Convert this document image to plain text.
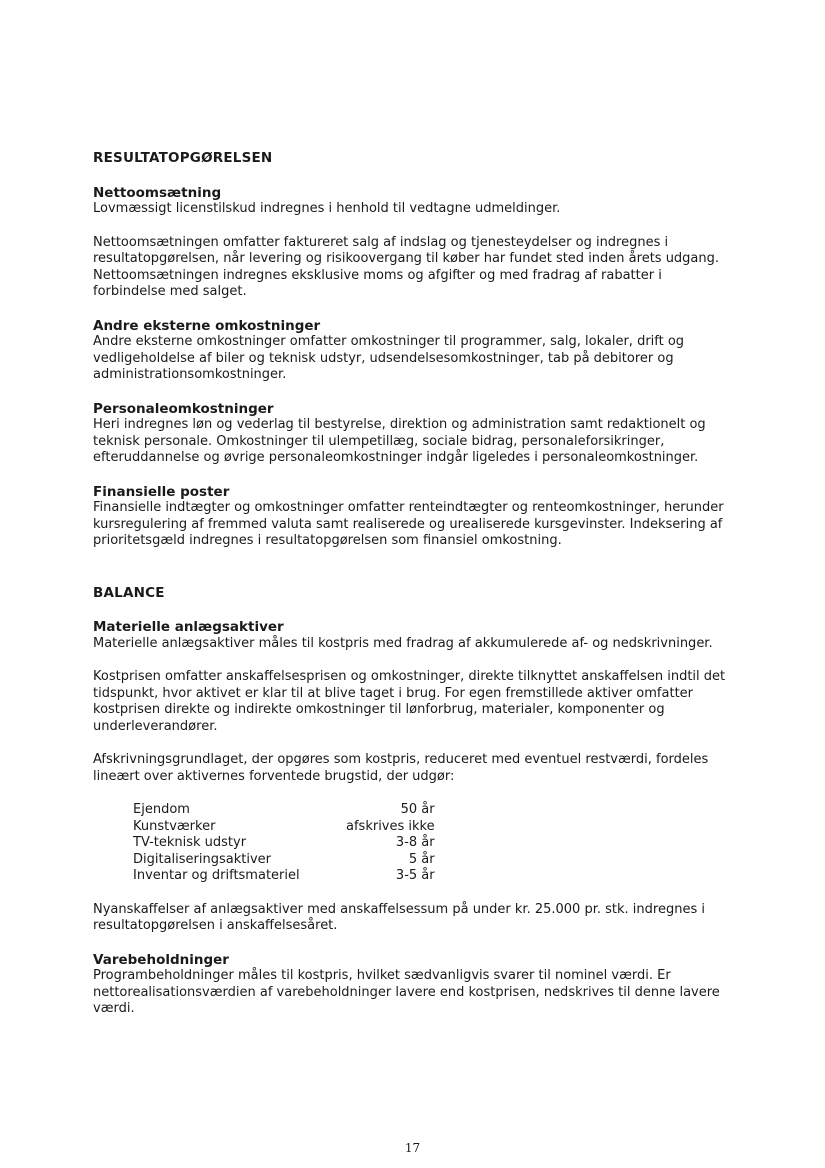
RESULTATOPGØRELSEN
Nettoomsætning

Lovmæssigt licenstilskud indregnes i henhold til vedtagne udmeldinger.

Nettoomsætningen omfatter faktureret salg af indslag og tjenesteydelser og indregnes i resultatopgørelsen, når levering og risikoovergang til køber har fundet sted inden årets udgang.

Nettoomsætningen indregnes eksklusive moms og afgifter og med fradrag af rabatter i forbindelse med salget.

Andre eksterne omkostninger

Andre eksterne omkostninger omfatter omkostninger til programmer, salg, lokaler, drift og vedligeholdelse af biler og teknisk udstyr, udsendelsesomkostninger, tab på debitorer og administrationsomkostninger.

Personaleomkostninger

Heri indregnes løn og vederlag til bestyrelse, direktion og administration samt redaktionelt og teknisk personale. Omkostninger til ulempetillæg, sociale bidrag, personaleforsikringer, efteruddannelse og øvrige personaleomkostninger indgår ligeledes i personaleomkostninger.

Finansielle poster

Finansielle indtægter og omkostninger omfatter renteindtægter og renteomkostninger, herunder kursregulering af fremmed valuta samt realiserede og urealiserede kursgevinster. Indeksering af prioritetsgæld indregnes i resultatopgørelsen som finansiel omkostning.

BALANCE
Materielle anlægsaktiver

Materielle anlægsaktiver måles til kostpris med fradrag af akkumulerede af- og nedskrivninger.

Kostprisen omfatter anskaffelsesprisen og omkostninger, direkte tilknyttet anskaffelsen indtil det tidspunkt, hvor aktivet er klar til at blive taget i brug. For egen fremstillede aktiver omfatter kostprisen direkte og indirekte omkostninger til lønforbrug, materialer, komponenter og underleverandører.

Afskrivningsgrundlaget, der opgøres som kostpris, reduceret med eventuel restværdi, fordeles lineært over aktivernes forventede brugstid, der udgør:

Ejendom	50 år
Kunstværker	afskrives ikke
TV-teknisk udstyr	3-8 år
Digitaliseringsaktiver	5 år
Inventar og driftsmateriel	3-5 år

Nyanskaffelser af anlægsaktiver med anskaffelsessum på under kr. 25.000 pr. stk. indregnes i resultatopgørelsen i anskaffelsesåret.

Varebeholdninger

Programbeholdninger måles til kostpris, hvilket sædvanligvis svarer til nominel værdi. Er nettorealisationsværdien af varebeholdninger lavere end kostprisen, nedskrives til denne lavere værdi.

17
